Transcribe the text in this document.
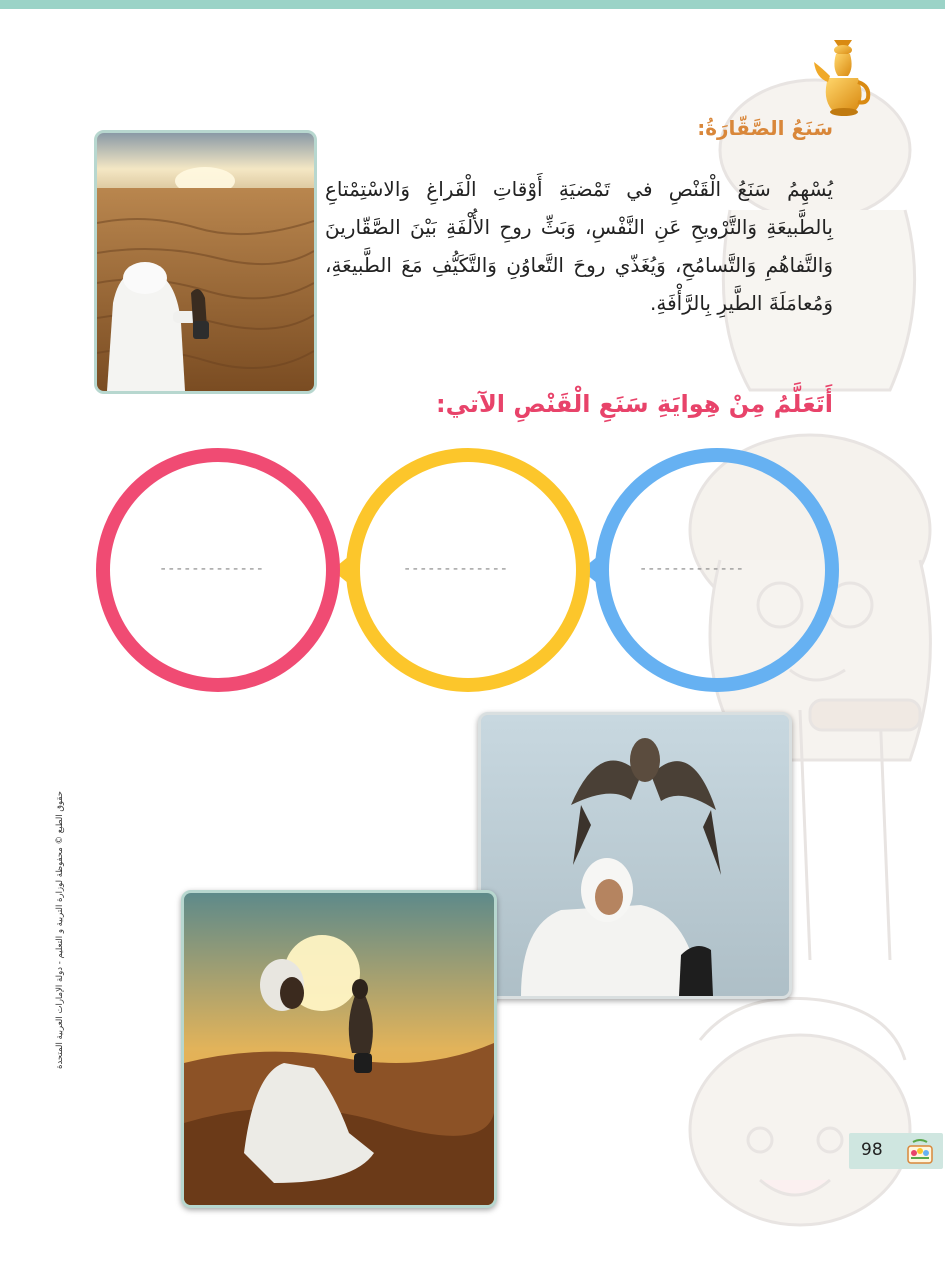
سَنَعُ الصَّقّارَةُ:

يُسْهِمُ سَنَعُ الْقَنْصِ في تَمْضيَةِ أَوْقاتِ الْفَراغِ وَالاسْتِمْتاعِ بِالطَّبيعَةِ وَالتَّرْويحِ عَنِ النَّفْسِ، وَبَثِّ روحِ الأُلْفَةِ بَيْنَ الصَّقّارينَ وَالتَّفاهُمِ وَالتَّسامُحِ، وَيُغَذّي روحَ التَّعاوُنِ وَالتَّكَيُّفِ مَعَ الطَّبيعَةِ، وَمُعامَلَةَ الطَّيرِ بِالرَّأْفَةِ.

أَتَعَلَّمُ مِنْ هِوايَةِ سَنَعِ الْقَنْصِ الآتي:
-------------
-------------
-------------
حقوق الطبع © محفوظة لوزارة التربية و التعليم - دولة الإمارات العربية المتحدة
98
